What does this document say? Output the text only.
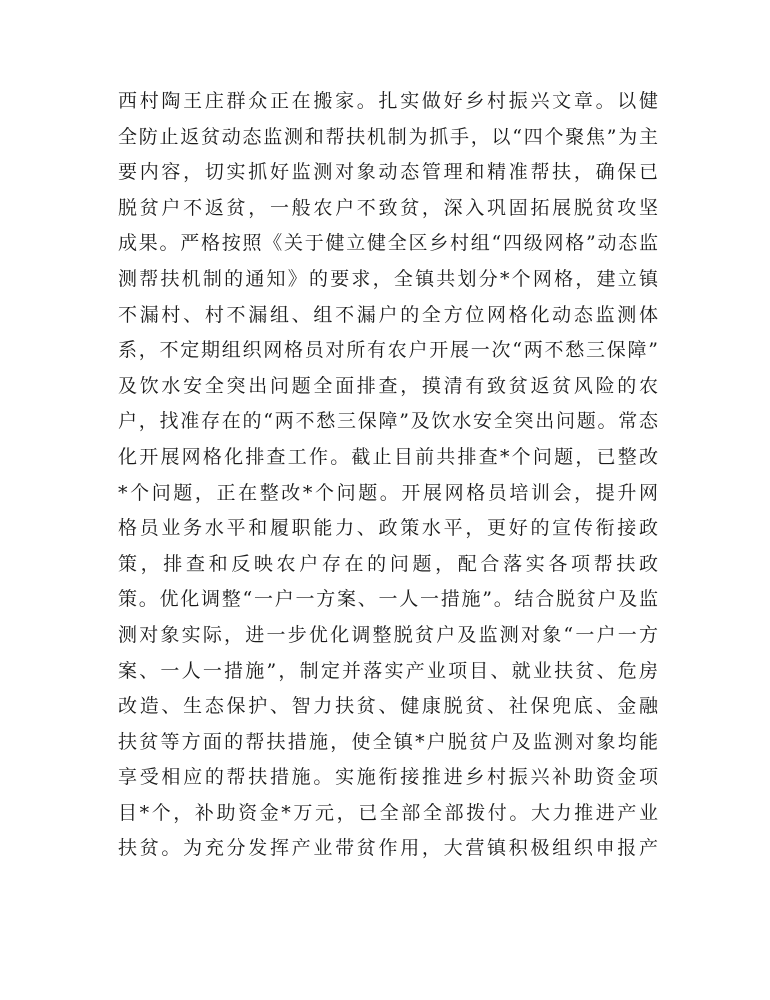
西村陶王庄群众正在搬家。扎实做好乡村振兴文章。以健
全防止返贫动态监测和帮扶机制为抓手，以“四个聚焦”为主
要内容，切实抓好监测对象动态管理和精准帮扶，确保已
脱贫户不返贫，一般农户不致贫，深入巩固拓展脱贫攻坚
成果。严格按照《关于健立健全区乡村组“四级网格”动态监
测帮扶机制的通知》的要求，全镇共划分*个网格，建立镇
不漏村、村不漏组、组不漏户的全方位网格化动态监测体
系，不定期组织网格员对所有农户开展一次“两不愁三保障”
及饮水安全突出问题全面排查，摸清有致贫返贫风险的农
户，找准存在的“两不愁三保障”及饮水安全突出问题。常态
化开展网格化排查工作。截止目前共排查*个问题，已整改
*个问题，正在整改*个问题。开展网格员培训会，提升网
格员业务水平和履职能力、政策水平，更好的宣传衔接政
策，排查和反映农户存在的问题，配合落实各项帮扶政
策。优化调整“一户一方案、一人一措施”。结合脱贫户及监
测对象实际，进一步优化调整脱贫户及监测对象“一户一方
案、一人一措施”，制定并落实产业项目、就业扶贫、危房
改造、生态保护、智力扶贫、健康脱贫、社保兜底、金融
扶贫等方面的帮扶措施，使全镇*户脱贫户及监测对象均能
享受相应的帮扶措施。实施衔接推进乡村振兴补助资金项
目*个，补助资金*万元，已全部全部拨付。大力推进产业
扶贫。为充分发挥产业带贫作用，大营镇积极组织申报产
